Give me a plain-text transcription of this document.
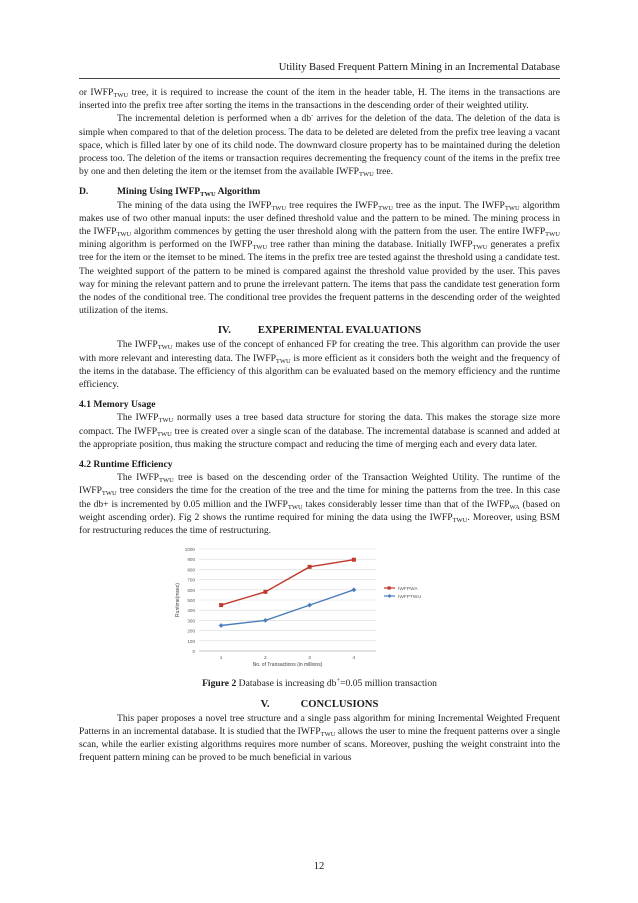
Utility Based Frequent Pattern Mining in an Incremental Database

or $IWFP_{TWU}$ tree, it is required to increase the count of the item in the header table, H. The items in the transactions are inserted into the prefix tree after sorting the items in the transactions in the descending order of their weighted utility.

The incremental deletion is performed when a db- arrives for the deletion of the data. The deletion of the data is simple when compared to that of the deletion process. The data to be deleted are deleted from the prefix tree leaving a vacant space, which is filled later by one of its child node. The downward closure property has to be maintained during the deletion process too. The deletion of the items or transaction requires decrementing the frequency count of the items in the prefix tree by one and then deleting the item or the itemset from the available $IWFP_{TWU}$ tree.

D.	Mining Using $IWFP_{TWU}$ Algorithm

The mining of the data using the $IWFP_{TWU}$ tree requires the $IWFP_{TWU}$ tree as the input. The $IWFP_{TWU}$ algorithm makes use of two other manual inputs: the user defined threshold value and the pattern to be mined. The mining process in the $IWFP_{TWU}$ algorithm commences by getting the user threshold along with the pattern from the user. The entire $IWFP_{TWU}$ mining algorithm is performed on the $IWFP_{TWU}$ tree rather than mining the database. Initially $IWFP_{TWU}$ generates a prefix tree for the item or the itemset to be mined. The items in the prefix tree are tested against the threshold using a candidate test. The weighted support of the pattern to be mined is compared against the threshold value provided by the user. This paves way for mining the relevant pattern and to prune the irrelevant pattern. The items that pass the candidate test generation form the nodes of the conditional tree. The conditional tree provides the frequent patterns in the descending order of the weighted utilization of the items.

IV.	EXPERIMENTAL EVALUATIONS

The $IWFP_{TWU}$ makes use of the concept of enhanced FP for creating the tree. This algorithm can provide the user with more relevant and interesting data. The $IWFP_{TWU}$ is more efficient as it considers both the weight and the frequency of the items in the database. The efficiency of this algorithm can be evaluated based on the memory efficiency and the runtime efficiency.

4.1 Memory Usage

The $IWFP_{TWU}$ normally uses a tree based data structure for storing the data. This makes the storage size more compact. The $IWFP_{TWU}$ tree is created over a single scan of the database. The incremental database is scanned and added at the appropriate position, thus making the structure compact and reducing the time of merging each and every data later.

4.2 Runtime Efficiency

The $IWFP_{TWU}$ tree is based on the descending order of the Transaction Weighted Utility. The runtime of the $IWFP_{TWU}$ tree considers the time for the creation of the tree and the time for mining the patterns from the tree. In this case the db+ is incremented by 0.05 million and the $IWFP_{TWU}$ takes considerably lesser time than that of the $IWFP_{WA}$ (based on weight ascending order). Fig 2 shows the runtime required for mining the data using the $IWFP_{TWU}$. Moreover, using BSM for restructuring reduces the time of restructuring.

0
100
200
300
400
500
600
700
800
900
1000
1	2	3	4
No. of Transactions (in millions)
Runtime(msec)	IWFPWA
IWFPTWU

Figure 2 Database is increasing db+=0.05 million transaction

V.	CONCLUSIONS

This paper proposes a novel tree structure and a single pass algorithm for mining Incremental Weighted Frequent Patterns in an incremental database. It is studied that the $IWFP_{TWU}$ allows the user to mine the frequent patterns over a single scan, while the earlier existing algorithms requires more number of scans. Moreover, pushing the weight constraint into the frequent pattern mining can be proved to be much beneficial in various

12
